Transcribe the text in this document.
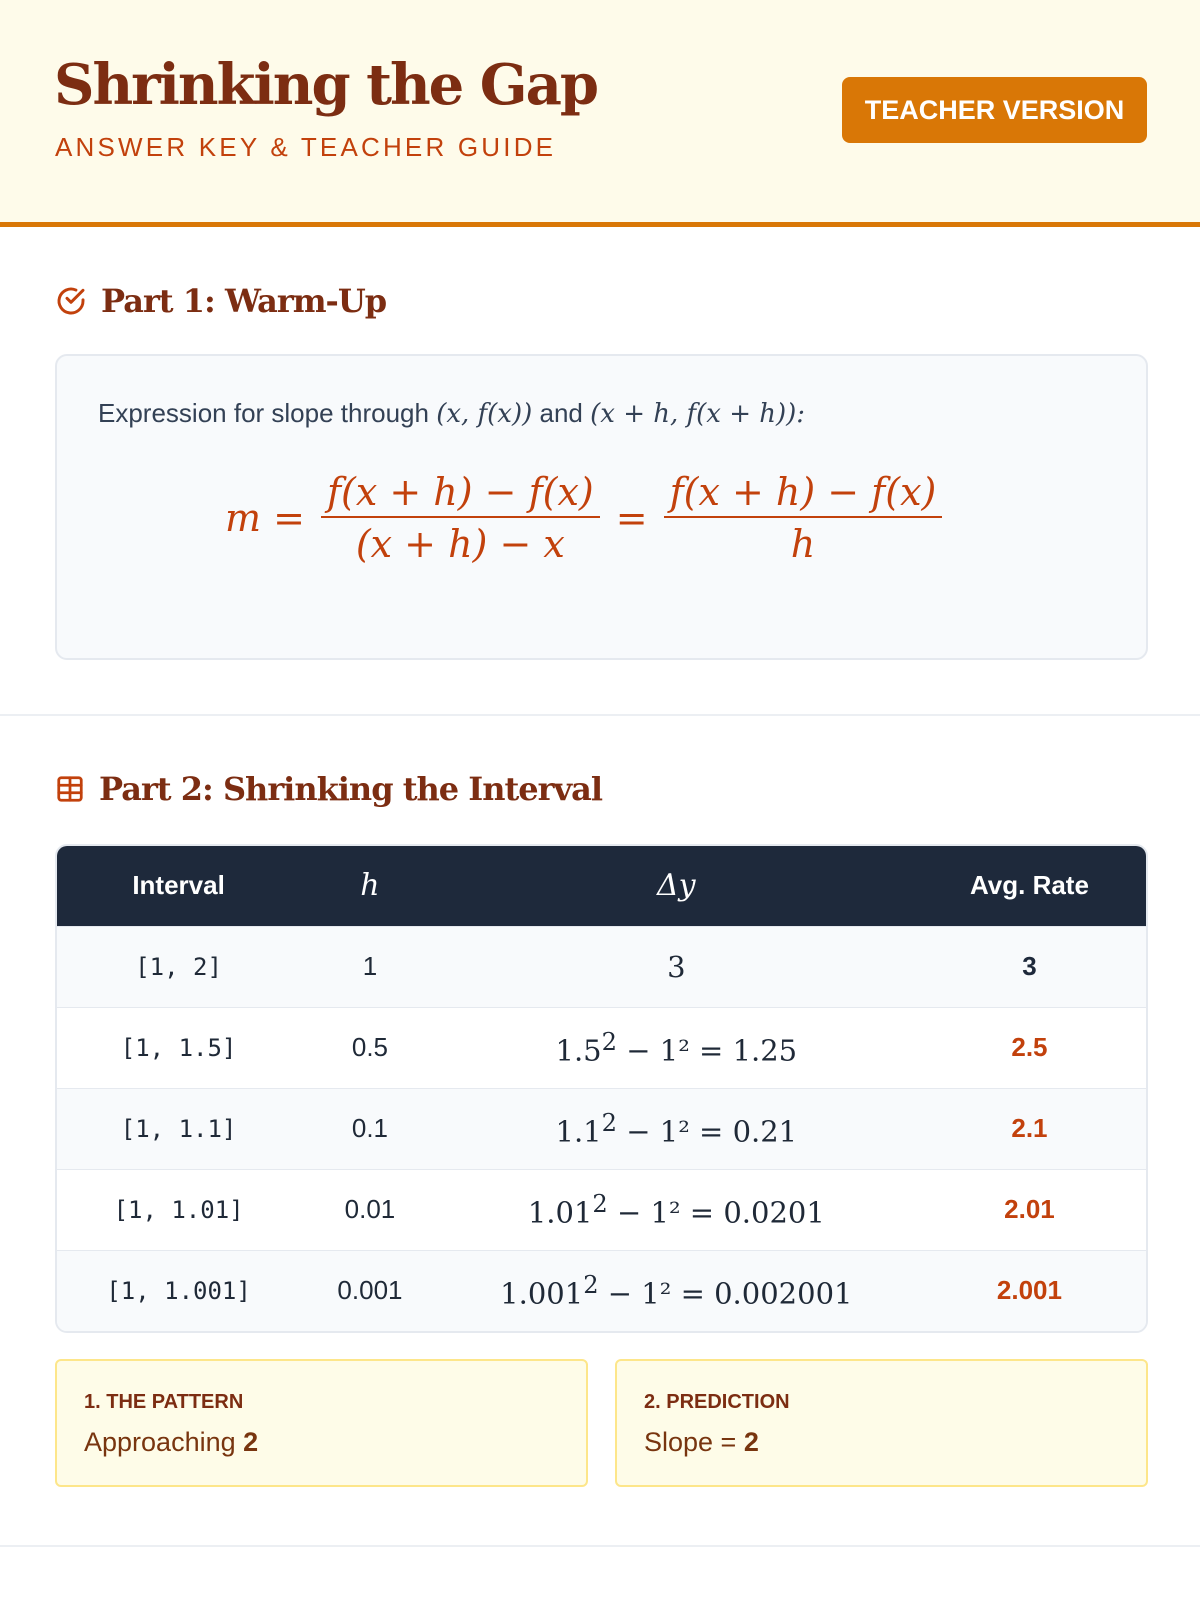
Shrinking the Gap
ANSWER KEY & TEACHER GUIDE
TEACHER VERSION
Part 1: Warm-Up
Expression for slope through (x, f(x)) and (x + h, f(x + h)):
$m = \frac{f(x + h) - f(x)}{(x + h) - x} = \frac{f(x + h) - f(x)}{h}$
Part 2: Shrinking the Interval
Interval	h	Δy	Avg. Rate
[1, 2]	1	3	3
[1, 1.5]	0.5	$1.5^2 - 1^2 = 1.25$	2.5
[1, 1.1]	0.1	$1.1^2 - 1^2 = 0.21$	2.1
[1, 1.01]	0.01	$1.01^2 - 1^2 = 0.0201$	2.01
[1, 1.001]	0.001	$1.001^2 - 1^2 = 0.002001$	2.001
1. THE PATTERN
Approaching 2
2. PREDICTION
Slope = 2
